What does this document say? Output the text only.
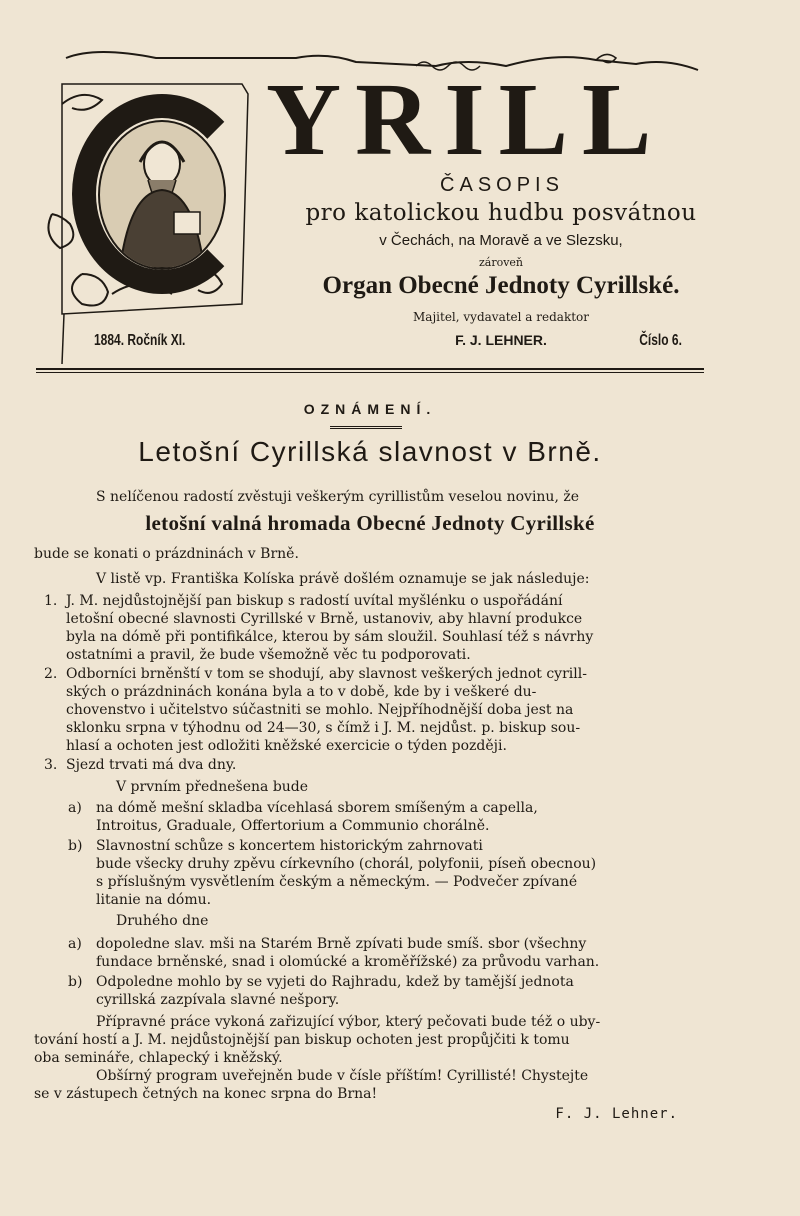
YRILL
ČASOPIS
pro katolickou hudbu posvátnou
v Čechách, na Moravě a ve Slezsku,
zároveň
Organ Obecné Jednoty Cyrillské.
Majitel, vydavatel a redaktor
1884. Ročník XI.	F. J. LEHNER.	Číslo 6.
OZNÁMENÍ.
Letošní Cyrillská slavnost v Brně.
S nelíčenou radostí zvěstuji veškerým cyrillistům veselou novinu, že
letošní valná hromada Obecné Jednoty Cyrillské
bude se konati o prázdninách v Brně.
V listě vp. Františka Kolíska právě došlém oznamuje se jak následuje:
1. J. M. nejdůstojnější pan biskup s radostí uvítal myšlénku o uspořádání
letošní obecné slavnosti Cyrillské v Brně, ustanoviv, aby hlavní produkce
byla na dómě při pontifikálce, kterou by sám sloužil. Souhlasí též s návrhy
ostatními a pravil, že bude všemožně věc tu podporovati.
2. Odborníci brněnští v tom se shodují, aby slavnost veškerých jednot cyrill-
ských o prázdninách konána byla a to v době, kde by i veškeré du-
chovenstvo i učitelstvo súčastniti se mohlo. Nejpříhodnější doba jest na
sklonku srpna v týhodnu od 24—30, s čímž i J. M. nejdůst. p. biskup sou-
hlasí a ochoten jest odložiti kněžské exercicie o týden později.
3. Sjezd trvati má dva dny.
V prvním přednešena bude
a)	na dómě mešní skladba vícehlasá sborem smíšeným a capella,
Introitus, Graduale, Offertorium a Communio chorálně.
b) Slavnostní schůze s koncertem historickým zahrnovati
bude všecky druhy zpěvu církevního (chorál, polyfonii, píseň obecnou)
s příslušným vysvětlením českým a německým. — Podvečer zpívané
litanie na dómu.
Druhého dne
a)	dopoledne slav. mši na Starém Brně zpívati bude smíš. sbor (všechny
fundace brněnské, snad i olomúcké a kroměřížské) za průvodu varhan.
b) Odpoledne mohlo by se vyjeti do Rajhradu, kdež by tamější jednota
cyrillská zazpívala slavné nešpory.
Přípravné práce vykoná zařizující výbor, který pečovati bude též o uby-
tování hostí a J. M. nejdůstojnější pan biskup ochoten jest propůjčiti k tomu
oba semináře, chlapecký i kněžský.
Obšírný program uveřejněn bude v čísle příštím! Cyrillisté! Chystejte
se v zástupech četných na konec srpna do Brna!
F. J. Lehner.
